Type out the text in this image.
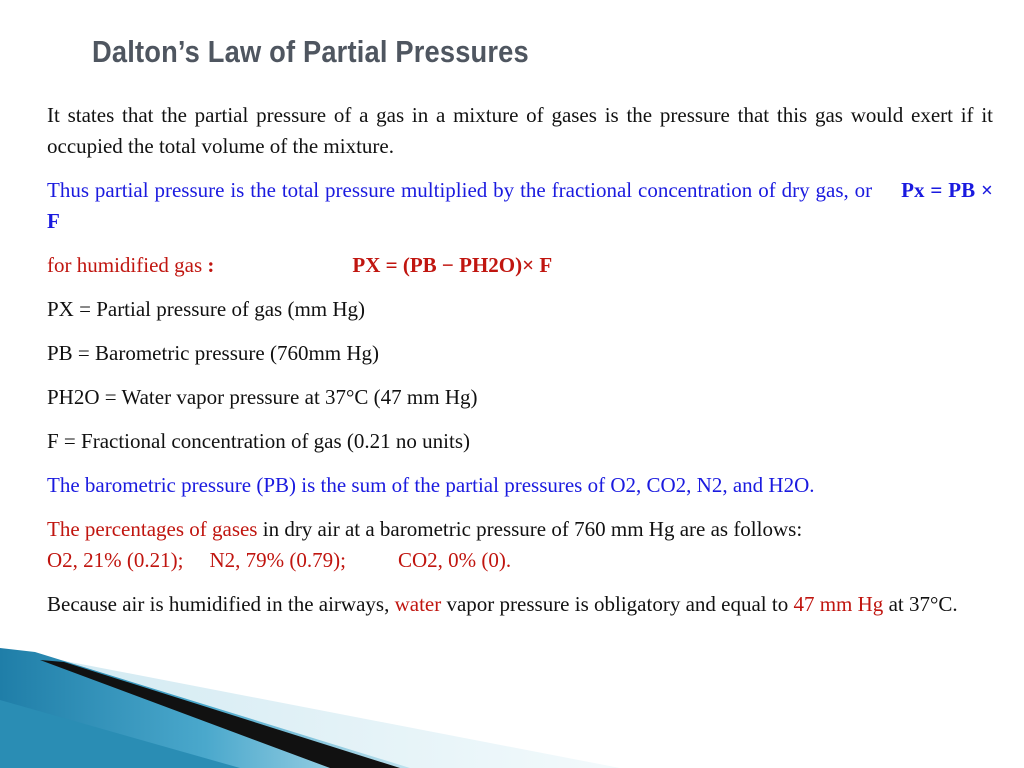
Dalton’s Law of Partial Pressures

It states that the partial pressure of a gas in a mixture of gases is the pressure that this gas would exert if it occupied the total volume of the mixture.

Thus partial pressure is the total pressure multiplied by the fractional concentration of dry gas, or Px = PB × F

for humidified gas :	PX = (PB − PH2O)× F

PX = Partial pressure of gas (mm Hg)

PB = Barometric pressure (760mm Hg)

PH2O = Water vapor pressure at 37°C (47 mm Hg)

F = Fractional concentration of gas (0.21 no units)

The barometric pressure (PB) is the sum of the partial pressures of O2, CO2, N2, and H2O.

The percentages of gases in dry air at a barometric pressure of 760 mm Hg are as follows:
O2, 21% (0.21); N2, 79% (0.79); CO2, 0% (0).

Because air is humidified in the airways, water vapor pressure is obligatory and equal to 47 mm Hg at 37°C.
